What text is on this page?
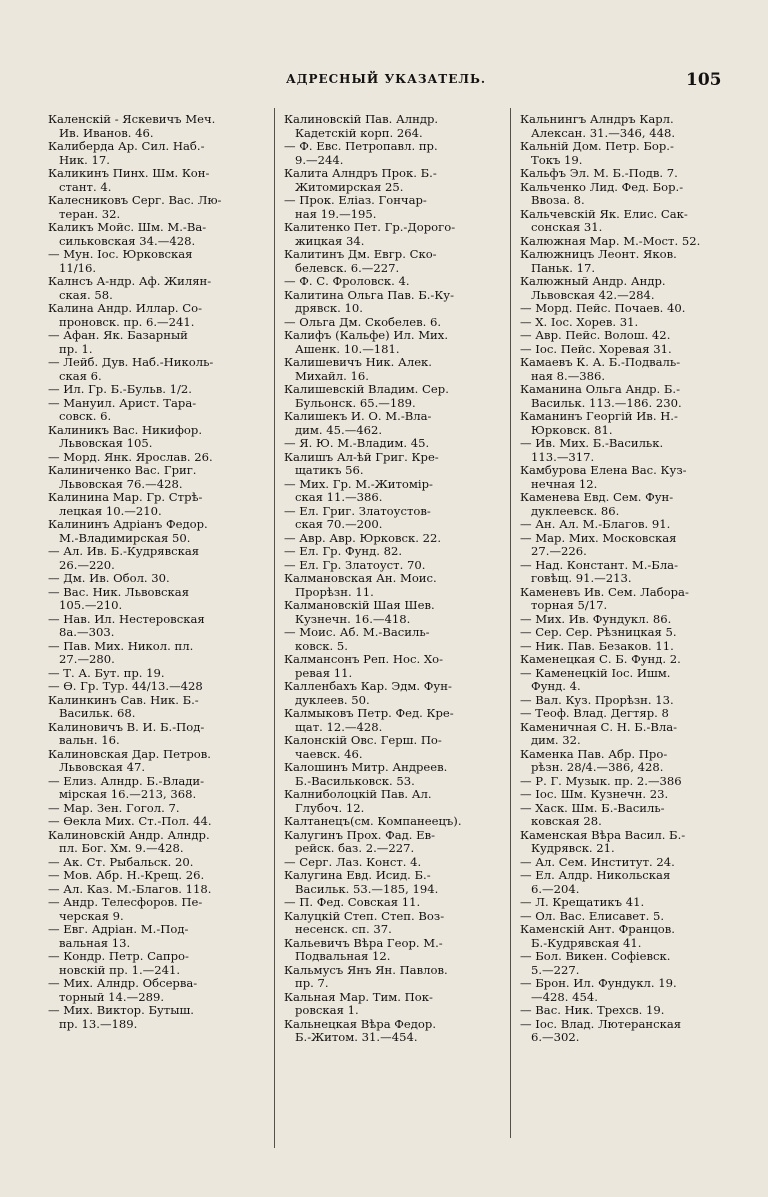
АДРЕСНЫЙ УКАЗАТЕЛЬ.	105

Каленскій - Яскевичъ Меч.
Ив. Иванов. 46.

Калиберда Ар. Сил. Наб.-
Ник. 17.

Каликинъ Пинх. Шм. Кон-
стант. 4.

Калесниковъ Серг. Вас. Лю-
теран. 32.

Каликъ Мойс. Шм. М.-Ва-
сильковская 34.—428.

— Мун. Іос. Юрковская
11/16.

Калнсъ А-ндр. Аф. Жилян-
ская. 58.

Калина Андр. Иллар. Со-
проновск. пр. 6.—241.

— Афан. Як. Базарный
пр. 1.

— Лейб. Дув. Наб.-Николь-
ская 6.

— Ил. Гр. Б.-Бульв. 1/2.

— Мануил. Арист. Тара-
совск. 6.

Калиникъ Вас. Никифор.
Львовская 105.

— Морд. Янк. Ярослав. 26.

Калиниченко Вас. Григ.
Львовская 76.—428.

Калинина Мар. Гр. Стрѣ-
лецкая 10.—210.

Калининъ Адріанъ Федор.
М.-Владимирская 50.

— Ал. Ив. Б.-Кудрявская
26.—220.

— Дм. Ив. Обол. 30.

— Вас. Ник. Львовская
105.—210.

— Нав. Ил. Нестеровская
8а.—303.

— Пав. Мих. Никол. пл.
27.—280.

— Т. А. Бут. пр. 19.

— Ѳ. Гр. Тур. 44/13.—428

Калинкинъ Сав. Ник. Б.-
Васильк. 68.

Калиновичъ В. И. Б.-Под-
вальн. 16.

Калиновская Дар. Петров.
Львовская 47.

— Елиз. Алндр. Б.-Влади-
мірская 16.—213, 368.

— Мар. Зен. Гогол. 7.

— Ѳекла Мих. Ст.-Пол. 44.

Калиновскій Андр. Алндр.
пл. Бог. Хм. 9.—428.

— Ак. Ст. Рыбальск. 20.

— Мов. Абр. Н.-Крещ. 26.

— Ал. Каз. М.-Благов. 118.

— Андр. Телесфоров. Пе-
черская 9.

— Евг. Адріан. М.-Под-
вальная 13.

— Кондр. Петр. Сапро-
новскій пр. 1.—241.

— Мих. Алндр. Обсерва-
торный 14.—289.

— Мих. Виктор. Бутыш.
пр. 13.—189.

Калиновскій Пав. Алндр.
Кадетскій корп. 264.

— Ф. Евс. Петропавл. пр.
9.—244.

Калита Алндръ Прок. Б.-
Житомирская 25.

— Прок. Еліаз. Гончар-
ная 19.—195.

Калитенко Пет. Гр.-Дорого-
жицкая 34.

Калитинъ Дм. Евгр. Ско-
белевск. 6.—227.

— Ф. С. Фроловск. 4.

Калитина Ольга Пав. Б.-Ку-
дрявск. 10.

— Ольга Дм. Скобелев. 6.

Калифъ (Кальфе) Ил. Мих.
Ашенк. 10.—181.

Калишевичъ Ник. Алек.
Михайл. 16.

Калишевскій Владим. Сер.
Бульонск. 65.—189.

Калишекъ И. О. М.-Вла-
дим. 45.—462.

— Я. Ю. М.-Владим. 45.

Калишъ Ал-ѣй Григ. Кре-
щатикъ 56.

— Мих. Гр. М.-Житомір-
ская 11.—386.

— Ел. Григ. Златоустов-
ская 70.—200.

— Авр. Авр. Юрковск. 22.

— Ел. Гр. Фунд. 82.

— Ел. Гр. Златоуст. 70.

Калмановская Ан. Моис.
Прорѣзн. 11.

Калмановскій Шая Шев.
Кузнечн. 16.—418.

— Моис. Аб. М.-Василь-
ковск. 5.

Калмансонъ Реп. Нос. Хо-
ревая 11.

Калленбахъ Кар. Эдм. Фун-
дуклеев. 50.

Калмыковъ Петр. Фед. Кре-
щат. 12.—428.

Калонскій Овс. Герш. По-
чаевск. 46.

Калошинъ Митр. Андреев.
Б.-Васильковск. 53.

Калниболоцкій Пав. Ал.
Глубоч. 12.

Калтанецъ(см. Компанеецъ).

Калугинъ Прох. Фад. Ев-
рейск. баз. 2.—227.

— Серг. Лаз. Конст. 4.

Калугина Евд. Исид. Б.-
Васильк. 53.—185, 194.

— П. Фед. Совская 11.

Калуцкій Степ. Степ. Воз-
несенск. сп. 37.

Кальевичъ Вѣра Геор. М.-
Подвальная 12.

Кальмусъ Янъ Ян. Павлов.
пр. 7.

Кальная Мар. Тим. Пок-
ровская 1.

Кальнецкая Вѣра Федор.
Б.-Житом. 31.—454.

Кальнингъ Алндръ Карл.
Алексан. 31.—346, 448.

Кальній Дом. Петр. Бор.-
Токъ 19.

Кальфъ Эл. М. Б.-Подв. 7.

Кальченко Лид. Фед. Бор.-
Ввоза. 8.

Кальчевскій Як. Елис. Сак-
сонская 31.

Калюжная Мар. М.-Мост. 52.

Калюжницъ Леонт. Яков.
Паньк. 17.

Калюжный Андр. Андр.
Львовская 42.—284.

— Морд. Пейс. Почаев. 40.

— Х. Іос. Хорев. 31.

— Авр. Пейс. Волош. 42.

— Іос. Пейс. Хоревая 31.

Камаевъ К. А. Б.-Подваль-
ная 8.—386.

Каманина Ольга Андр. Б.-
Васильк. 113.—186. 230.

Каманинъ Георгій Ив. Н.-
Юрковск. 81.

— Ив. Мих. Б.-Васильк.
113.—317.

Камбурова Елена Вас. Куз-
нечная 12.

Каменева Евд. Сем. Фун-
дуклеевск. 86.

— Ан. Ал. М.-Благов. 91.

— Мар. Мих. Московская
27.—226.

— Над. Констант. М.-Бла-
говѣщ. 91.—213.

Каменевъ Ив. Сем. Лабора-
торная 5/17.

— Мих. Ив. Фундукл. 86.

— Сер. Сер. Рѣзницкая 5.

— Ник. Пав. Безаков. 11.

Каменецкая С. Б. Фунд. 2.

— Каменецкій Іос. Ишм.
Фунд. 4.

— Вал. Куз. Прорѣзн. 13.

— Теоф. Влад. Дегтяр. 8

Каменичная С. Н. Б.-Вла-
дим. 32.

Каменка Пав. Абр. Про-
рѣзн. 28/4.—386, 428.

— Р. Г. Музык. пр. 2.—386

— Іос. Шм. Кузнечн. 23.

— Хаск. Шм. Б.-Василь-
ковская 28.

Каменская Вѣра Васил. Б.-
Кудрявск. 21.

— Ал. Сем. Институт. 24.

— Ел. Алдр. Никольская
6.—204.

— Л. Крещатикъ 41.

— Ол. Вас. Елисавет. 5.

Каменскій Ант. Францов.
Б.-Кудрявская 41.

— Бол. Викен. Софіевск.
5.—227.

— Брон. Ил. Фундукл. 19.
—428. 454.

— Вас. Ник. Трехсв. 19.

— Іос. Влад. Лютеранская
6.—302.
